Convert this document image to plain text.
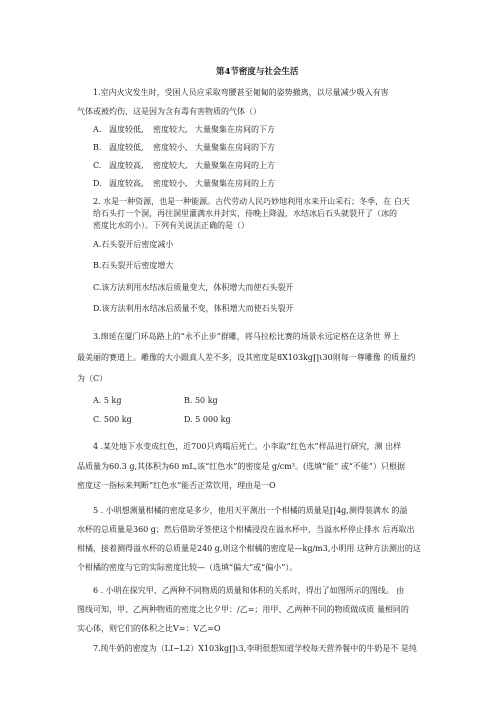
第4节密度与社会生活
1.室内火灾发生时，受困人员应采取弯腰甚至匍匐的姿势撤离，以尽量减少吸入有害
气体或被灼伤，这是因为含有毒有害物质的气体（）
A. 温度较低, 密度较大, 大量聚集在房间的下方
B. 温度较低, 密度较小, 大量聚集在房间的下方
C. 温度较高, 密度较大, 大量聚集在房间的上方
D. 温度较高, 密度较小, 大量聚集在房间的上方
2. 水是一种资源，也是一种能源。古代劳动人民巧妙地利用水来开山采石；冬季，在 白天
给石头打一个洞，再往洞里灌满水并封实，待晚上降温，水结冰后石头就裂开了（冰的
密度比水的小）。下列有关说法正确的是（）
A.石头裂开后密度减小
B.石头裂开后密度增大
C.该方法利用水结冰后质量变大，体积增大而使石头裂开
D.该方法利用水结冰后质量不变，体积增大而使石头裂开
3.绵延在厦门环岛路上的“永不止步”群雕，将马拉松比赛的场景永远定格在这条世 界上
最美丽的赛道上。雕像的大小跟真人差不多，设其密度是8X103kg∏ι30则每一尊雕像 的质量约
为（C）
A. 5 kg	B. 50 kg
C. 500 kg	D. 5 000 kg
4 .某处地下水变成红色，近700只鸡喝后死亡。小李取“红色水”样品进行研究，测 出样
品质量为60.3 g,其体积为60 mL,该“红色水”的密度是 g/cm³。(选填“能” 或“不能”）只根据
密度这一指标来判断“红色水”能否正常饮用，理由是一O
5 . 小明想测量柑橘的密度是多少，他用天平测出一个柑橘的质量是∏4g,测得装满水 的溢
水杯的总质量是360 g；然后借助牙签使这个柑橘浸没在溢水杯中，当溢水杯停止排水 后再取出
柑橘，接着测得溢水杯的总质量是240 g,则这个柑橘的密度是—kg/m3,小明用 这种方法测出的这
个柑橘的密度与它的实际密度比较—（选填“偏大”或“偏小”）。
6 . 小明在探究甲、乙两种不同物质的质量和体积的关系时，得出了如图所示的图线。 由
图线可知，甲、乙两种物质的密度之比夕甲：/乙=；用甲、乙两种不同的物质做成质 量相同的
实心体，则它们的体积之比V=：V乙=O
7.纯牛奶的密度为（LI~L2）X103kg∏ι3,李明很想知道学校每天营养餐中的牛奶是不 是纯
